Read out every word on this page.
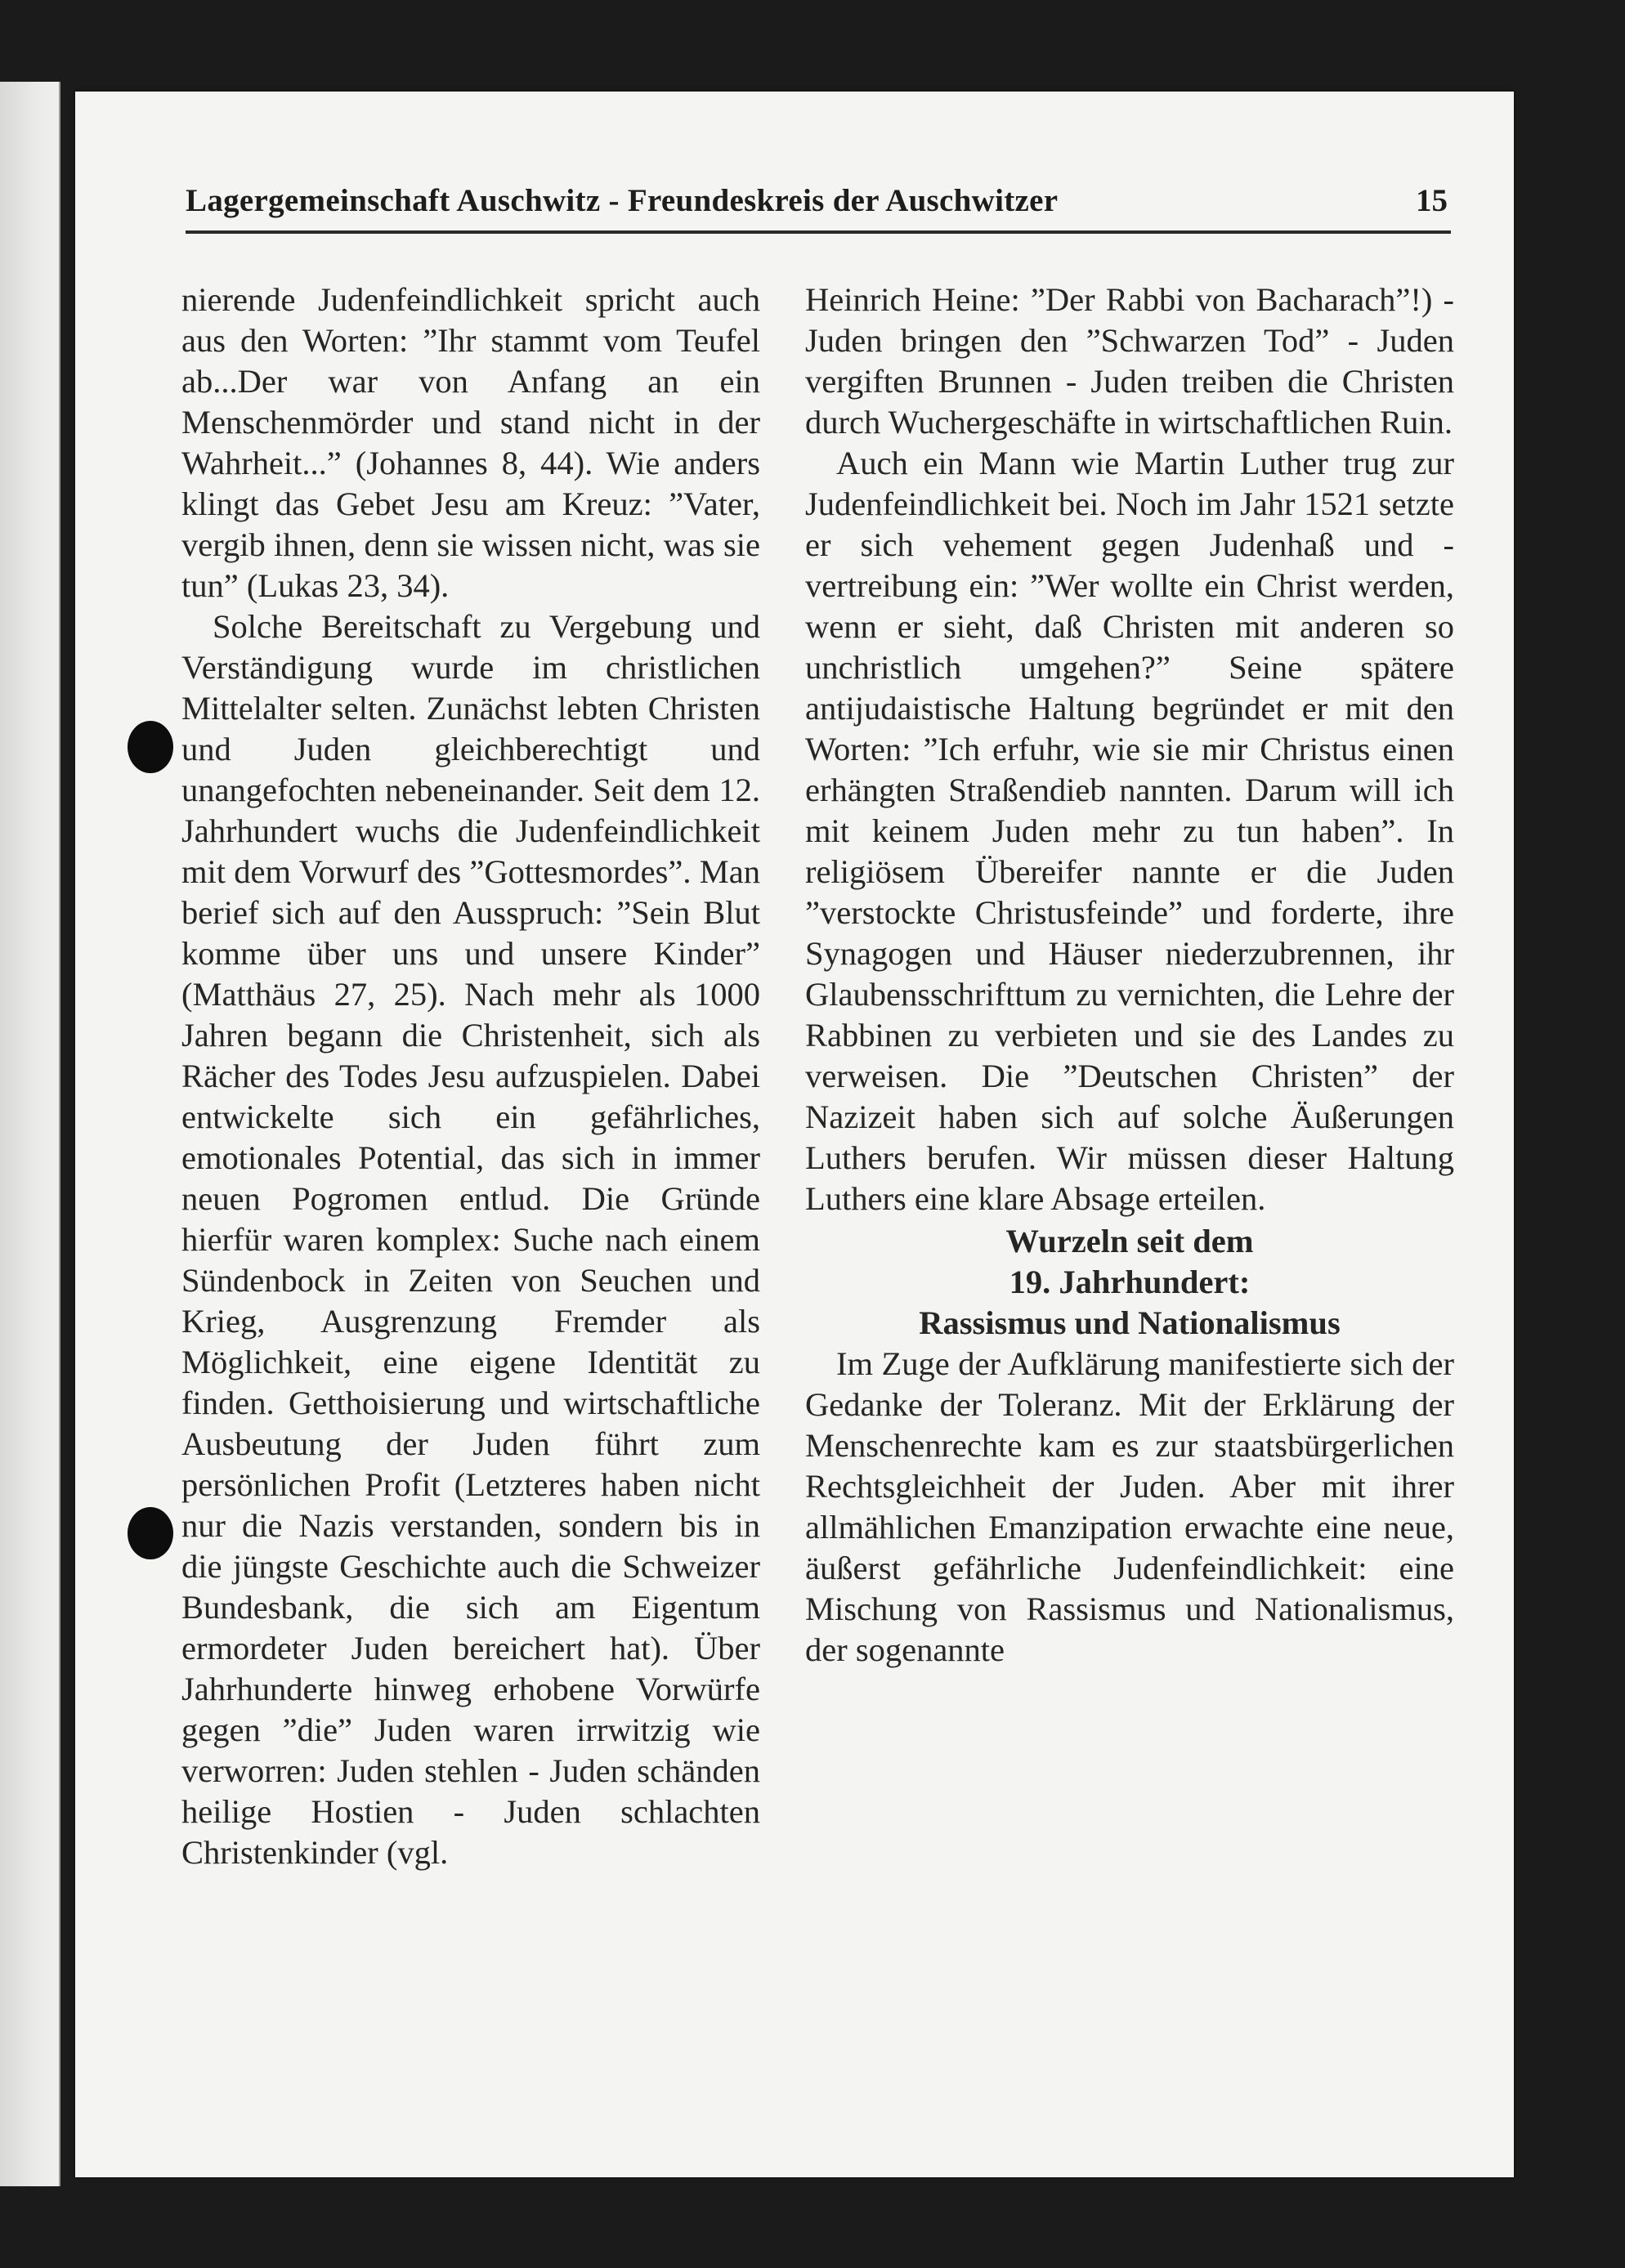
Lagergemeinschaft Auschwitz - Freundeskreis der Auschwitzer	15

nierende Judenfeindlichkeit spricht auch aus den Worten: ”Ihr stammt vom Teufel ab...Der war von Anfang an ein Menschenmörder und stand nicht in der Wahrheit...” (Johannes 8, 44). Wie anders klingt das Gebet Jesu am Kreuz: ”Vater, vergib ihnen, denn sie wissen nicht, was sie tun” (Lukas 23, 34).

Solche Bereitschaft zu Vergebung und Verständigung wurde im christlichen Mittelalter selten. Zunächst lebten Christen und Juden gleichberechtigt und unangefochten nebeneinander. Seit dem 12. Jahrhundert wuchs die Judenfeindlichkeit mit dem Vorwurf des ”Gottesmordes”. Man berief sich auf den Ausspruch: ”Sein Blut komme über uns und unsere Kinder” (Matthäus 27, 25). Nach mehr als 1000 Jahren begann die Christenheit, sich als Rächer des Todes Jesu aufzuspielen. Dabei entwickelte sich ein gefährliches, emotionales Potential, das sich in immer neuen Pogromen entlud. Die Gründe hierfür waren komplex: Suche nach einem Sündenbock in Zeiten von Seuchen und Krieg, Ausgrenzung Fremder als Möglichkeit, eine eigene Identität zu finden. Getthoisierung und wirtschaftliche Ausbeutung der Juden führt zum persönlichen Profit (Letzteres haben nicht nur die Nazis verstanden, sondern bis in die jüngste Geschichte auch die Schweizer Bundesbank, die sich am Eigentum ermordeter Juden bereichert hat). Über Jahrhunderte hinweg erhobene Vorwürfe gegen ”die” Juden waren irrwitzig wie verworren: Juden stehlen - Juden schänden heilige Hostien - Juden schlachten Christenkinder (vgl.

Heinrich Heine: ”Der Rabbi von Bacharach”!) - Juden bringen den ”Schwarzen Tod” - Juden vergiften Brunnen - Juden treiben die Christen durch Wuchergeschäfte in wirtschaftlichen Ruin.

Auch ein Mann wie Martin Luther trug zur Judenfeindlichkeit bei. Noch im Jahr 1521 setzte er sich vehement gegen Judenhaß und -vertreibung ein: ”Wer wollte ein Christ werden, wenn er sieht, daß Christen mit anderen so unchristlich umgehen?” Seine spätere antijudaistische Haltung begründet er mit den Worten: ”Ich erfuhr, wie sie mir Christus einen erhängten Straßendieb nannten. Darum will ich mit keinem Juden mehr zu tun haben”. In religiösem Übereifer nannte er die Juden ”verstockte Christusfeinde” und forderte, ihre Synagogen und Häuser niederzubrennen, ihr Glaubensschrifttum zu vernichten, die Lehre der Rabbinen zu verbieten und sie des Landes zu verweisen. Die ”Deutschen Christen” der Nazizeit haben sich auf solche Äußerungen Luthers berufen. Wir müssen dieser Haltung Luthers eine klare Absage erteilen.

Wurzeln seit dem
19. Jahrhundert:
Rassismus und Nationalismus

Im Zuge der Aufklärung manifestierte sich der Gedanke der Toleranz. Mit der Erklärung der Menschenrechte kam es zur staatsbürgerlichen Rechtsgleichheit der Juden. Aber mit ihrer allmählichen Emanzipation erwachte eine neue, äußerst gefährliche Judenfeindlichkeit: eine Mischung von Rassismus und Nationalismus, der sogenannte
